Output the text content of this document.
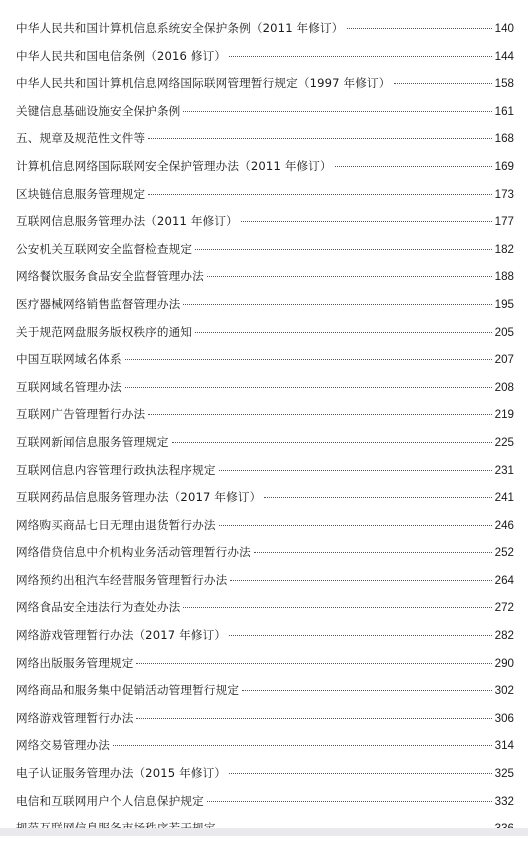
中华人民共和国计算机信息系统安全保护条例（2011 年修订）	140
中华人民共和国电信条例（2016 修订）	144
中华人民共和国计算机信息网络国际联网管理暂行规定（1997 年修订）	158
关键信息基础设施安全保护条例	161
五、规章及规范性文件等	168
计算机信息网络国际联网安全保护管理办法（2011 年修订）	169
区块链信息服务管理规定	173
互联网信息服务管理办法（2011 年修订）	177
公安机关互联网安全监督检查规定	182
网络餐饮服务食品安全监督管理办法	188
医疗器械网络销售监督管理办法	195
关于规范网盘服务版权秩序的通知	205
中国互联网域名体系	207
互联网域名管理办法	208
互联网广告管理暂行办法	219
互联网新闻信息服务管理规定	225
互联网信息内容管理行政执法程序规定	231
互联网药品信息服务管理办法（2017 年修订）	241
网络购买商品七日无理由退货暂行办法	246
网络借贷信息中介机构业务活动管理暂行办法	252
网络预约出租汽车经营服务管理暂行办法	264
网络食品安全违法行为查处办法	272
网络游戏管理暂行办法（2017 年修订）	282
网络出版服务管理规定	290
网络商品和服务集中促销活动管理暂行规定	302
网络游戏管理暂行办法	306
网络交易管理办法	314
电子认证服务管理办法（2015 年修订）	325
电信和互联网用户个人信息保护规定	332
